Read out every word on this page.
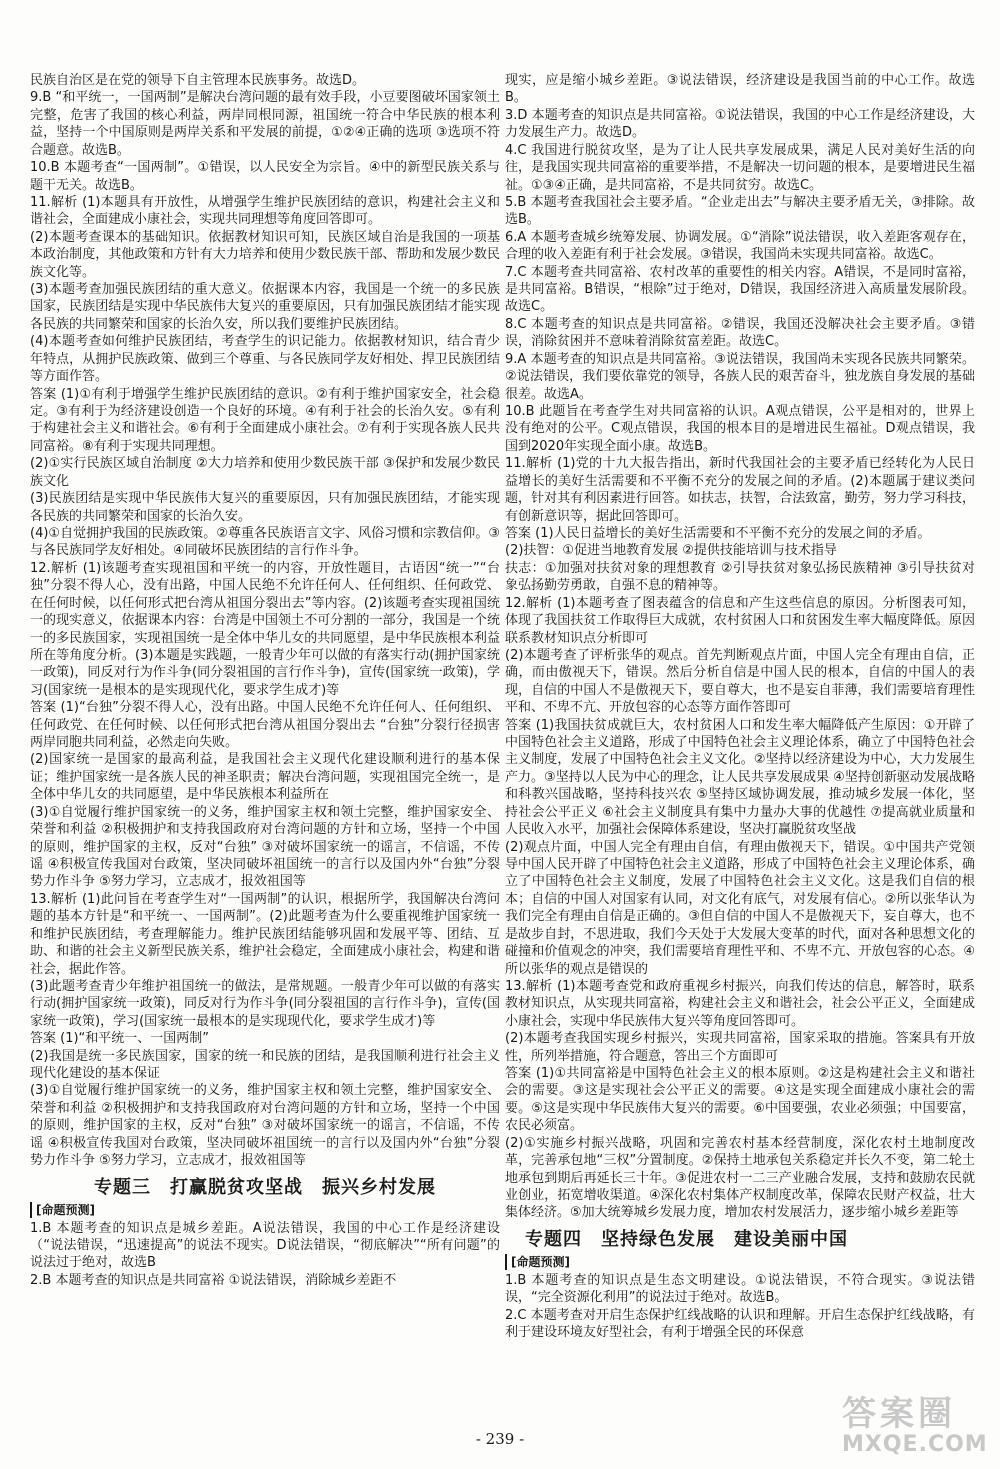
民族自治区是在党的领导下自主管理本民族事务。故选D。

9.B “和平统一，一国两制”是解决台湾问题的最有效手段，小豆要图破坏国家领土完整，危害了我国的核心利益，两岸同根同源，祖国统一符合中华民族的根本利益，坚持一个中国原则是两岸关系和平发展的前提，①②④正确的选项 ③选项不符合题意。故选B。

10.B 本题考查“一国两制”。①错误，以人民安全为宗旨。④中的新型民族关系与题干无关。故选B。

11.解析 (1)本题具有开放性，从增强学生维护民族团结的意识，构建社会主义和谐社会，全面建成小康社会，实现共同理想等角度回答即可。

(2)本题考查课本的基础知识。依据教材知识可知，民族区域自治是我国的一项基本政治制度，其他政策和方针有大力培养和使用少数民族干部、帮助和发展少数民族文化等。

(3)本题考查加强民族团结的重大意义。依据课本内容，我国是一个统一的多民族国家，民族团结是实现中华民族伟大复兴的重要原因，只有加强民族团结才能实现各民族的共同繁荣和国家的长治久安，所以我们要维护民族团结。

(4)本题考查如何维护民族团结，考查学生的识记能力。依据教材知识，结合青少年特点，从拥护民族政策、做到三个尊重、与各民族同学友好相处、捍卫民族团结等方面作答。

答案 (1)①有利于增强学生维护民族团结的意识。②有利于维护国家安全，社会稳定。③有利于为经济建设创造一个良好的环境。④有利于社会的长治久安。⑤有利于构建社会主义和谐社会。⑥有利于全面建成小康社会。⑦有利于实现各族人民共同富裕。⑧有利于实现共同理想。

(2)①实行民族区域自治制度 ②大力培养和使用少数民族干部 ③保护和发展少数民族文化

(3)民族团结是实现中华民族伟大复兴的重要原因，只有加强民族团结，才能实现各民族的共同繁荣和国家的长治久安。

(4)①自觉拥护我国的民族政策。②尊重各民族语言文字、风俗习惯和宗教信仰。③与各民族同学友好相处。④同破坏民族团结的言行作斗争。

12.解析 (1)该题考查实现祖国和平统一的内容，开放性题目，古语因“统一”“台独”分裂不得人心，没有出路，中国人民绝不允许任何人、任何组织、任何政党、在任何时候，以任何形式把台湾从祖国分裂出去”等内容。(2)该题考查实现祖国统一的现实意义，依据课本内容：台湾是中国领土不可分割的一部分，我国是一个统一的多民族国家，实现祖国统一是全体中华儿女的共同愿望，是中华民族根本利益所在等角度分析。(3)本题是实践题，一般青少年可以做的有落实行动(拥护国家统一政策)，同反对行为作斗争(同分裂祖国的言行作斗争)，宣传(国家统一政策)，学习(国家统一是根本的是实现现代化，要求学生成才)等

答案 (1)“台独”分裂不得人心，没有出路。中国人民绝不允许任何人、任何组织、任何政党、在任何时候、以任何形式把台湾从祖国分裂出去 “台独”分裂行径损害两岸同胞共同利益，必然走向失败。

(2)国家统一是国家的最高利益，是我国社会主义现代化建设顺利进行的基本保证；维护国家统一是各族人民的神圣职责；解决台湾问题，实现祖国完全统一，是全体中华儿女的共同愿望，是中华民族根本利益所在

(3)①自觉履行维护国家统一的义务，维护国家主权和领土完整，维护国家安全、荣誉和利益 ②积极拥护和支持我国政府对台湾问题的方针和立场，坚持一个中国的原则，维护国家的主权，反对“台独” ③对破坏国家统一的谣言，不信谣，不传谣 ④积极宣传我国对台政策，坚决同破坏祖国统一的言行以及国内外“台独”分裂势力作斗争 ⑤努力学习，立志成才，报效祖国等

13.解析 (1)此问旨在考查学生对“一国两制”的认识，根据所学，我国解决台湾问题的基本方针是“和平统一、一国两制”。(2)此题考查为什么要重视维护国家统一和维护民族团结，考查理解能力。维护民族团结能够巩固和发展平等、团结、互助、和谐的社会主义新型民族关系，维护社会稳定，全面建成小康社会，构建和谐社会，据此作答。

(3)此题考查青少年维护祖国统一的做法，是常规题。一般青少年可以做的有落实行动(拥护国家统一政策)，同反对行为作斗争(同分裂祖国的言行作斗争)，宣传(国家统一政策)，学习(国家统一最根本的是实现现代化，要求学生成才)等

答案 (1)“和平统一、一国两制”

(2)我国是统一多民族国家，国家的统一和民族的团结，是我国顺利进行社会主义现代化建设的基本保证

(3)①自觉履行维护国家统一的义务，维护国家主权和领土完整，维护国家安全、荣誉和利益 ②积极拥护和支持我国政府对台湾问题的方针和立场，坚持一个中国的原则，维护国家的主权，反对“台独” ③对破坏国家统一的谣言，不信谣，不传谣 ④积极宣传我国对台政策，坚决同破坏祖国统一的言行以及国内外“台独”分裂势力作斗争 ⑤努力学习，立志成才，报效祖国等

专题三　打赢脱贫攻坚战　振兴乡村发展
[命题预测]

1.B 本题考查的知识点是城乡差距。A说法错误，我国的中心工作是经济建设（“说法错误，“迅速提高”的说法不现实。D说法错误，“彻底解决”“所有问题”的说法过于绝对，故选B

2.B 本题考查的知识点是共同富裕 ①说法错误，消除城乡差距不

现实，应是缩小城乡差距。③说法错误，经济建设是我国当前的中心工作。故选B。

3.D 本题考查的知识点是共同富裕。①说法错误，我国的中心工作是经济建设，大力发展生产力。故选D。

4.C 我国进行脱贫攻坚，是为了让人民共享发展成果，满足人民对美好生活的向往，是我国实现共同富裕的重要举措，不是解决一切问题的根本，是要增进民生福祉。①③④正确，是共同富裕，不是共同贫穷。故选C。

5.B 本题考查我国社会主要矛盾。“企业走出去”与解决主要矛盾无关，③排除。故选B。

6.A 本题考查城乡统筹发展、协调发展。①“消除”说法错误，收入差距客观存在，合理的收入差距有利于社会发展。③错误，我国尚未实现共同富裕。故选C。

7.C 本题考查共同富裕、农村改革的重要性的相关内容。A错误，不是同时富裕，是共同富裕。B错误，“根除”过于绝对，D错误，我国经济进入高质量发展阶段。故选C。

8.C 本题考查的知识点是共同富裕。②错误，我国还没解决社会主要矛盾。③错误，消除贫困并不意味着消除贫富差距。故选C。

9.A 本题考查的知识点是共同富裕。③说法错误，我国尚未实现各民族共同繁荣。②说法错误，我们要依靠党的领导，各族人民的艰苦奋斗，独龙族自身发展的基础很差。故选A。

10.B 此题旨在考查学生对共同富裕的认识。A观点错误，公平是相对的，世界上没有绝对的公平。C观点错误，我国的根本目的是增进民生福祉。D观点错误，我国到2020年实现全面小康。故选B。

11.解析 (1)党的十九大报告指出，新时代我国社会的主要矛盾已经转化为人民日益增长的美好生活需要和不平衡不充分的发展之间的矛盾。(2)本题属于建议类问题，针对其有利因素进行回答。如扶志，扶智，合法致富，勤劳，努力学习科技，有创新意识等，据此回答即可。

答案 (1)人民日益增长的美好生活需要和不平衡不充分的发展之间的矛盾。

(2)扶智：①促进当地教育发展 ②提供技能培训与技术指导

扶志：①加强对扶贫对象的理想教育 ②引导扶贫对象弘扬民族精神 ③引导扶贫对象弘扬勤劳勇敢，自强不息的精神等。

12.解析 (1)本题考查了图表蕴含的信息和产生这些信息的原因。分析图表可知，体现了我国扶贫工作取得巨大成就，农村贫困人口和贫困发生率大幅度降低。原因联系教材知识点分析即可

(2)本题考查了评析张华的观点。首先判断观点片面，中国人完全有理由自信，正确，而由傲视天下，错误。然后分析自信是中国人民的根本，自信的中国人的表现，自信的中国人不是傲视天下，要自尊大，也不是妄自菲薄，我们需要培育理性平和、不卑不亢、开放包容的心态等方面作答即可

答案 (1)我国扶贫成就巨大，农村贫困人口和发生率大幅降低产生原因：①开辟了中国特色社会主义道路，形成了中国特色社会主义理论体系，确立了中国特色社会主义制度，发展了中国特色社会主义文化。②坚持以经济建设为中心，大力发展生产力。③坚持以人民为中心的理念，让人民共享发展成果 ④坚持创新驱动发展战略和科教兴国战略，坚持科技兴农 ⑤坚持区域协调发展，推动城乡发展一体化，坚持社会公平正义 ⑥社会主义制度具有集中力量办大事的优越性 ⑦提高就业质量和人民收入水平，加强社会保障体系建设，坚决打赢脱贫攻坚战

(2)观点片面，中国人完全有理由自信，有理由傲视天下，错误。①中国共产党领导中国人民开辟了中国特色社会主义道路，形成了中国特色社会主义理论体系，确立了中国特色社会主义制度，发展了中国特色社会主义文化。这是我们自信的根本；自信的中国人对国家有认同，对文化有底气，对发展有信心。②所以张华认为我们完全有理由自信是正确的。③但自信的中国人不是傲视天下，妄自尊大，也不是故步自封，不思进取，我们今天处于大发展大变革的时代，面对各种思想文化的碰撞和价值观念的冲突，我们需要培育理性平和、不卑不亢、开放包容的心态。④所以张华的观点是错误的

13.解析 (1)本题考查党和政府重视乡村振兴，向我们传达的信息，解答时，联系教材知识点，从实现共同富裕，构建社会主义和谐社会，社会公平正义，全面建成小康社会，实现中华民族伟大复兴等角度回答即可。

(2)本题考查我国实现乡村振兴，实现共同富裕，国家采取的措施。答案具有开放性，所列举措施，符合题意，答出三个方面即可

答案 (1)①共同富裕是中国特色社会主义的根本原则。②这是构建社会主义和谐社会的需要。③这是实现社会公平正义的需要。④这是实现全面建成小康社会的需要。⑤这是实现中华民族伟大复兴的需要。⑥中国要强，农业必须强；中国要富，农民必须富。

(2)①实施乡村振兴战略，巩固和完善农村基本经营制度，深化农村土地制度改革，完善承包地“三权”分置制度。②保持土地承包关系稳定并长久不变，第二轮土地承包到期后再延长三十年。③促进农村一二三产业融合发展，支持和鼓励农民就业创业，拓宽增收渠道。④深化农村集体产权制度改革，保障农民财产权益，壮大集体经济。⑤加大统筹城乡发展力度，增加农村发展活力，逐步缩小城乡差距等

专题四　坚持绿色发展　建设美丽中国
[命题预测]

1.B 本题考查的知识点是生态文明建设。①说法错误，不符合现实。③说法错误，“完全资源化利用”的说法过于绝对。故选B。

2.C 本题考查对开启生态保护红线战略的认识和理解。开启生态保护红线战略，有利于建设环境友好型社会，有利于增强全民的环保意

- 239 -
答案圈
MXQE.COM
